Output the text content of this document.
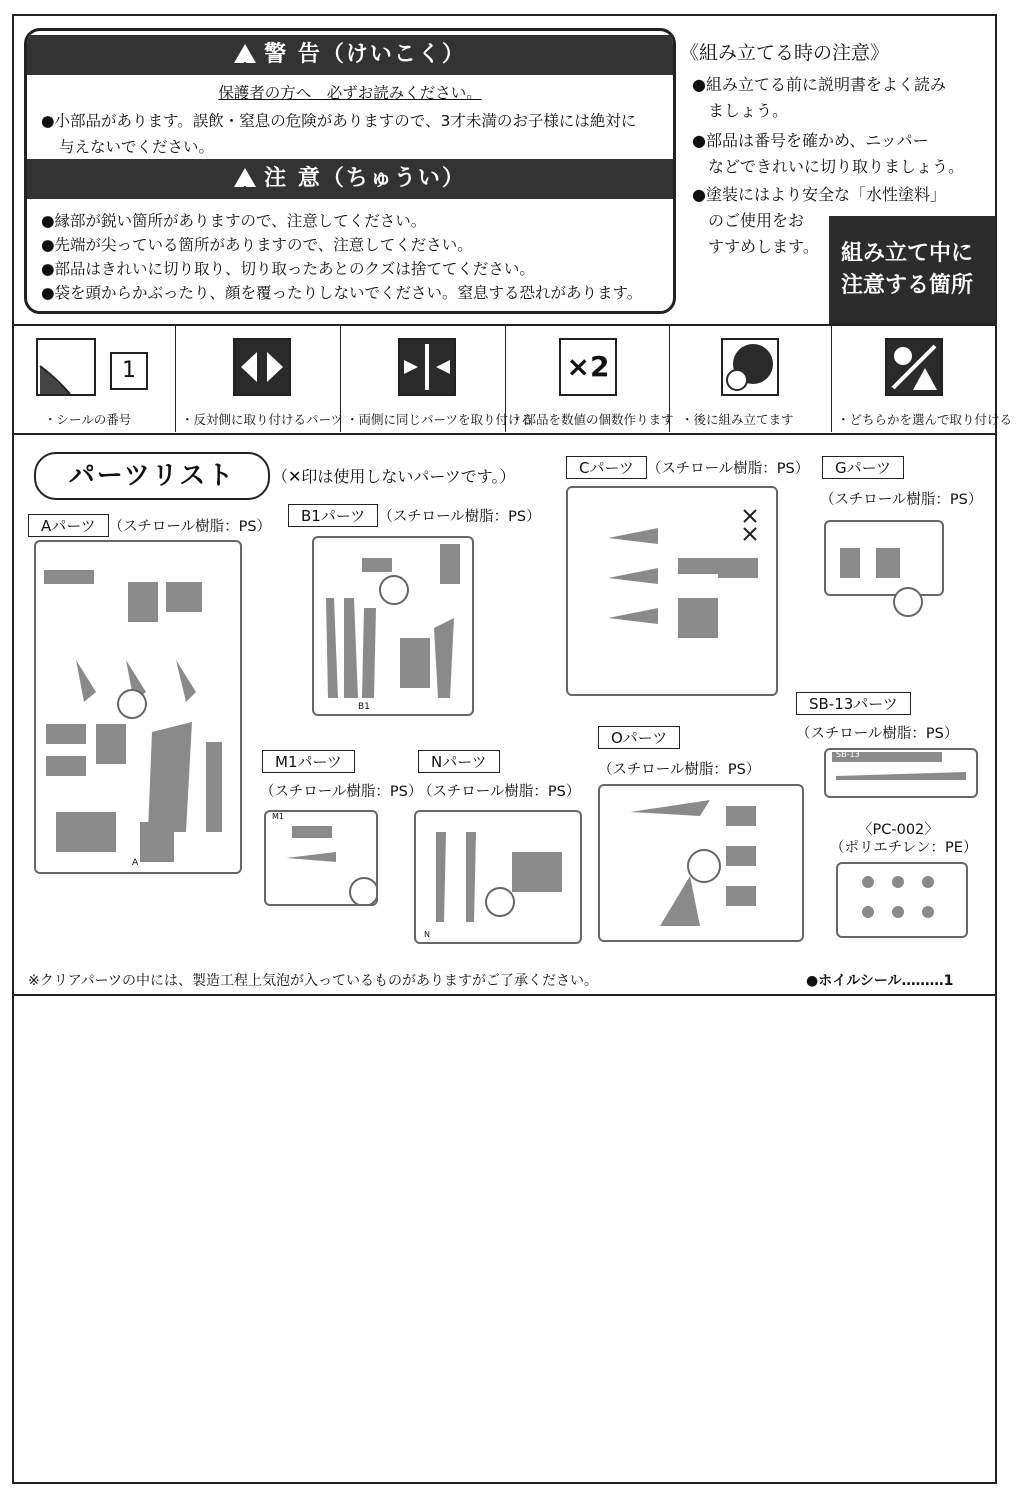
!警 告（けいこく）
保護者の方へ　必ずお読みください。
●小部品があります。誤飲・窒息の危険がありますので、3才未満のお子様には絶対に
与えないでください。
!注 意（ちゅうい）
●縁部が鋭い箇所がありますので、注意してください。
●先端が尖っている箇所がありますので、注意してください。
●部品はきれいに切り取り、切り取ったあとのクズは捨ててください。
●袋を頭からかぶったり、顔を覆ったりしないでください。窒息する恐れがあります。
《組み立てる時の注意》
●組み立てる前に説明書をよく読み
　ましょう。
●部品は番号を確かめ、ニッパー
　などできれいに切り取りましょう。
●塗装にはより安全な「水性塗料」
　のご使用をお
　すすめします。 組み立て中に
注意する箇所
1
・シールの番号	・反対側に取り付けるパーツ ・両側に同じパーツを取り付ける
×2
・部品を数値の個数作ります ・後に組み立てます	・どちらかを選んで取り付ける
パーツリスト	（✕印は使用しないパーツです。）
Aパーツ （スチロール樹脂：PS）
A
B1パーツ （スチロール樹脂：PS）
B1
Cパーツ （スチロール樹脂：PS）	Gパーツ
（スチロール樹脂：PS）
SB-13パーツ
（スチロール樹脂：PS）
SB-13
M1パーツ
（スチロール樹脂：PS）
M1
Nパーツ
（スチロール樹脂：PS）
N
Oパーツ
（スチロール樹脂：PS）
〈PC-002〉
（ポリエチレン：PE）
※クリアパーツの中には、製造工程上気泡が入っているものがありますがご了承ください。	●ホイルシール………1
